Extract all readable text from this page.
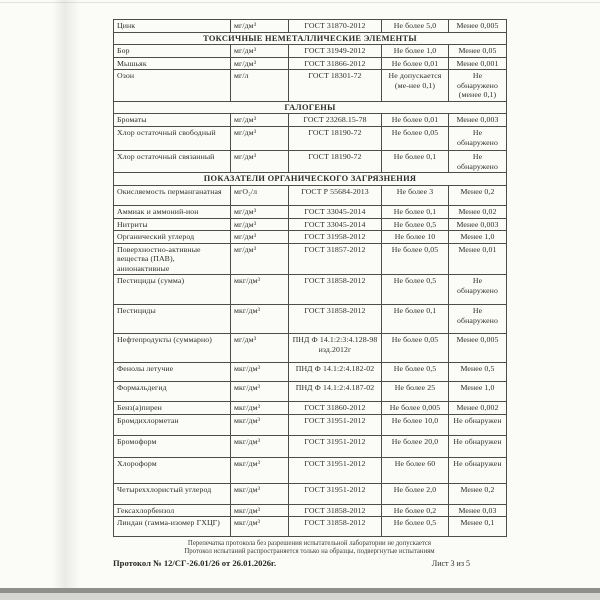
Цинк	мг/дм³	ГОСТ 31870-2012	Не более 5,0	Менее 0,005
ТОКСИЧНЫЕ НЕМЕТАЛЛИЧЕСКИЕ ЭЛЕМЕНТЫ				
Бор	мг/дм³	ГОСТ 31949-2012	Не более 1,0	Менее 0,05
Мышьяк	мг/дм³	ГОСТ 31866-2012	Не более 0,01	Менее 0,001
Озон	мг/л	ГОСТ 18301-72	Не допускается (ме-нее 0,1)	Не обнаружено (менее 0,1)
ГАЛОГЕНЫ				
Броматы	мг/дм³	ГОСТ 23268.15-78	Не более 0,01	Менее 0,003
Хлор остаточный свободный	мг/дм³	ГОСТ 18190-72	Не более 0,05	Не обнаружено
Хлор остаточный связанный	мг/дм³	ГОСТ 18190-72	Не более 0,1	Не обнаружено
ПОКАЗАТЕЛИ ОРГАНИЧЕСКОГО ЗАГРЯЗНЕНИЯ				
Окисляемость перманганатная	мгО₂/л	ГОСТ Р 55684-2013	Не более 3	Менее 0,2
Аммиак и аммоний-ион	мг/дм³	ГОСТ 33045-2014	Не более 0,1	Менее 0,02
Нитриты	мг/дм³	ГОСТ 33045-2014	Не более 0,5	Менее 0,003
Органический углерод	мг/дм³	ГОСТ 31958-2012	Не более 10	Менее 1,0
Поверхностно-активные вещества (ПАВ), анионактивные	мг/дм³	ГОСТ 31857-2012	Не более 0,05	Менее 0,01
Пестициды (сумма)	мкг/дм³	ГОСТ 31858-2012	Не более 0,5	Не обнаружено
Пестициды	мкг/дм³	ГОСТ 31858-2012	Не более 0,1	Не обнаружено
Нефтепродукты (суммарно)	мг/дм³	ПНД Ф 14.1:2:3:4.128-98 изд.2012г	Не более 0,05	Менее 0,005
Фенолы летучие	мкг/дм³	ПНД Ф 14.1:2:4.182-02	Не более 0,5	Менее 0,5
Формальдегид	мкг/дм³	ПНД Ф 14.1:2:4.187-02	Не более 25	Менее 1,0
Бенз(а)пирен	мкг/дм³	ГОСТ 31860-2012	Не более 0,005	Менее 0,002
Бромдихлорметан	мкг/дм³	ГОСТ 31951-2012	Не более 10,0	Не обнаружен
Бромоформ	мкг/дм³	ГОСТ 31951-2012	Не более 20,0	Не обнаружен
Хлороформ	мкг/дм³	ГОСТ 31951-2012	Не более 60	Не обнаружен
Четыреххлористый углерод	мкг/дм³	ГОСТ 31951-2012	Не более 2,0	Менее 0,2
Гексахлорбензол	мкг/дм³	ГОСТ 31858-2012	Не более 0,2	Менее 0,03
Линдан (гамма-изомер ГХЦГ)	мкг/дм³	ГОСТ 31858-2012	Не более 0,5	Менее 0,1
Перепечатка протокола без разрешения испытательной лаборатории не допускается
Протокол испытаний распространяется только на образцы, подвергнутые испытаниям
Протокол № 12/СГ-26.01/26 от 26.01.2026г.	Лист 3 из 5
